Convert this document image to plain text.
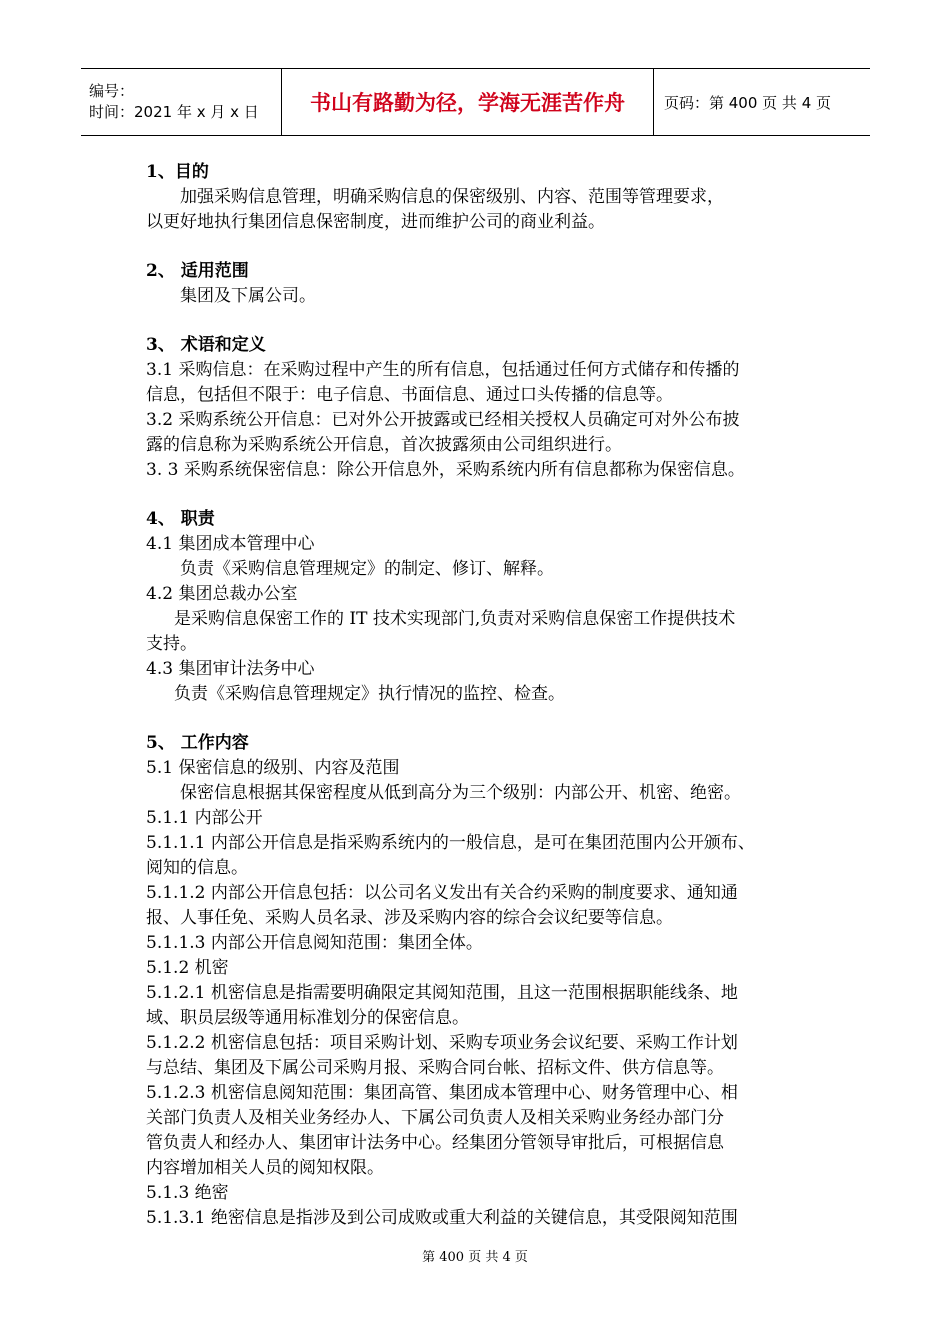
编号：
时间：2021 年 x 月 x 日	书山有路勤为径，学海无涯苦作舟	页码：第 400 页 共 4 页
1、目的
加强采购信息管理，明确采购信息的保密级别、内容、范围等管理要求，
以更好地执行集团信息保密制度，进而维护公司的商业利益。
2、 适用范围
集团及下属公司。
3、 术语和定义
3.1 采购信息：在采购过程中产生的所有信息，包括通过任何方式储存和传播的
信息，包括但不限于：电子信息、书面信息、通过口头传播的信息等。
3.2 采购系统公开信息：已对外公开披露或已经相关授权人员确定可对外公布披
露的信息称为采购系统公开信息，首次披露须由公司组织进行。
3. 3 采购系统保密信息：除公开信息外，采购系统内所有信息都称为保密信息。
4、 职责
4.1 集团成本管理中心
负责《采购信息管理规定》的制定、修订、解释。
4.2 集团总裁办公室
是采购信息保密工作的 IT 技术实现部门,负责对采购信息保密工作提供技术
支持。
4.3 集团审计法务中心
负责《采购信息管理规定》执行情况的监控、检查。
5、 工作内容
5.1 保密信息的级别、内容及范围
保密信息根据其保密程度从低到高分为三个级别：内部公开、机密、绝密。
5.1.1 内部公开
5.1.1.1 内部公开信息是指采购系统内的一般信息，是可在集团范围内公开颁布、
阅知的信息。
5.1.1.2 内部公开信息包括：以公司名义发出有关合约采购的制度要求、通知通
报、人事任免、采购人员名录、涉及采购内容的综合会议纪要等信息。
5.1.1.3 内部公开信息阅知范围：集团全体。
5.1.2 机密
5.1.2.1 机密信息是指需要明确限定其阅知范围，且这一范围根据职能线条、地
域、职员层级等通用标准划分的保密信息。
5.1.2.2 机密信息包括：项目采购计划、采购专项业务会议纪要、采购工作计划
与总结、集团及下属公司采购月报、采购合同台帐、招标文件、供方信息等。
5.1.2.3 机密信息阅知范围：集团高管、集团成本管理中心、财务管理中心、相
关部门负责人及相关业务经办人、下属公司负责人及相关采购业务经办部门分
管负责人和经办人、集团审计法务中心。经集团分管领导审批后，可根据信息
内容增加相关人员的阅知权限。
5.1.3 绝密
5.1.3.1 绝密信息是指涉及到公司成败或重大利益的关键信息，其受限阅知范围
第 400 页 共 4 页
